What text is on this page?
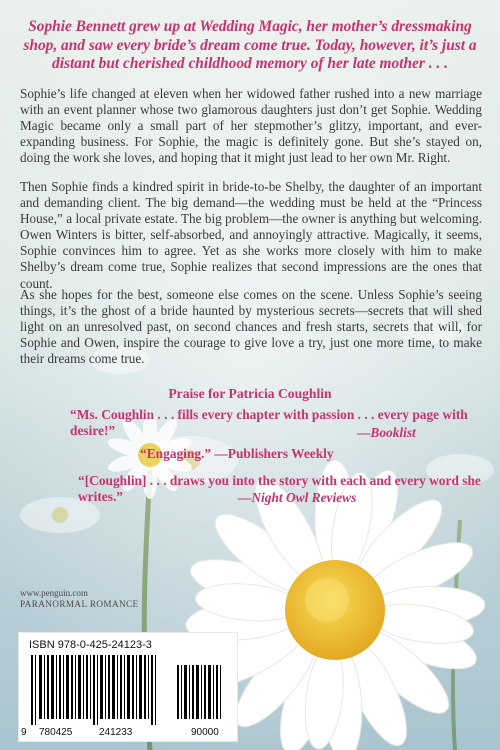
Sophie Bennett grew up at Wedding Magic, her mother’s dressmaking shop, and saw every bride’s dream come true. Today, however, it’s just a distant but cherished childhood memory of her late mother . . .

Sophie’s life changed at eleven when her widowed father rushed into a new marriage with an event planner whose two glamorous daughters just don’t get Sophie. Wedding Magic became only a small part of her stepmother’s glitzy, important, and ever-expanding business. For Sophie, the magic is definitely gone. But she’s stayed on, doing the work she loves, and hoping that it might just lead to her own Mr. Right.

Then Sophie finds a kindred spirit in bride-to-be Shelby, the daughter of an important and demanding client. The big demand—the wedding must be held at the “Princess House,” a local private estate. The big problem—the owner is anything but welcoming. Owen Winters is bitter, self-absorbed, and annoyingly attractive. Magically, it seems, Sophie convinces him to agree. Yet as she works more closely with him to make Shelby’s dream come true, Sophie realizes that second impressions are the ones that count.

As she hopes for the best, someone else comes on the scene. Unless Sophie’s seeing things, it’s the ghost of a bride haunted by mysterious secrets—secrets that will shed light on an unresolved past, on second chances and fresh starts, secrets that will, for Sophie and Owen, inspire the courage to give love a try, just one more time, to make their dreams come true.

Praise for Patricia Coughlin

“Ms. Coughlin . . . fills every chapter with passion . . . every page with desire!”	—Booklist

“Engaging.” —Publishers Weekly

“[Coughlin] . . . draws you into the story with each and every word she writes.”	—Night Owl Reviews

www.penguin.com

PARANORMAL ROMANCE

ISBN 978-0-425-24123-3
9 780425	241233	90000
